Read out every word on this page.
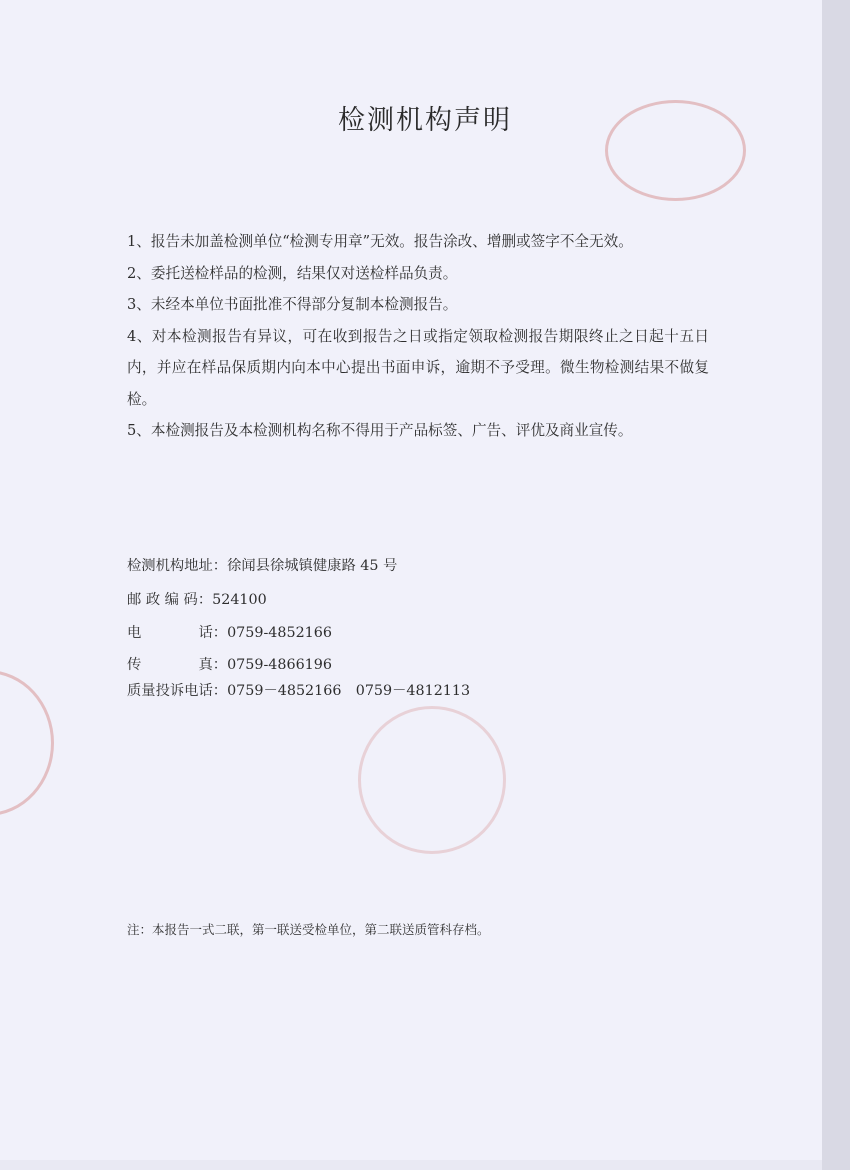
检测机构声明
1、报告未加盖检测单位“检测专用章”无效。报告涂改、增删或签字不全无效。
2、委托送检样品的检测，结果仅对送检样品负责。
3、未经本单位书面批准不得部分复制本检测报告。
4、对本检测报告有异议，可在收到报告之日或指定领取检测报告期限终止之日起十五日内，并应在样品保质期内向本中心提出书面申诉，逾期不予受理。微生物检测结果不做复检。
5、本检测报告及本检测机构名称不得用于产品标签、广告、评优及商业宣传。
检测机构地址：徐闻县徐城镇健康路 45 号
邮 政 编 码：524100
电　　　　话：0759-4852166
传　　　　真：0759-4866196
质量投诉电话：0759－4852166　0759－4812113
注：本报告一式二联，第一联送受检单位，第二联送质管科存档。
